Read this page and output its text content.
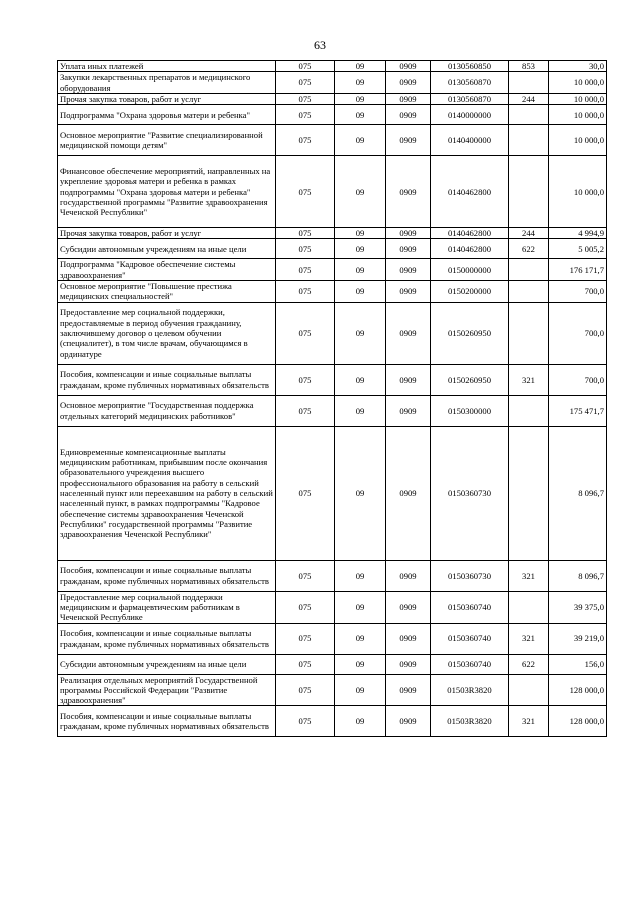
63
Уплата иных платежей	075	09	0909	0130560850	853	30,0
Закупки лекарственных препаратов и медицинского оборудования	075	09	0909	0130560870		10 000,0
Прочая закупка товаров, работ и услуг	075	09	0909	0130560870	244	10 000,0
Подпрограмма "Охрана здоровья матери и ребенка"	075	09	0909	0140000000		10 000,0
Основное мероприятие "Развитие специализированной медицинской помощи детям"	075	09	0909	0140400000		10 000,0
Финансовое обеспечение мероприятий, направленных на укрепление здоровья матери и ребенка в рамках подпрограммы "Охрана здоровья матери и ребенка" государственной программы "Развитие здравоохранения Чеченской Республики"	075	09	0909	0140462800		10 000,0
Прочая закупка товаров, работ и услуг	075	09	0909	0140462800	244	4 994,9
Субсидии автономным учреждениям на иные цели	075	09	0909	0140462800	622	5 005,2
Подпрограмма "Кадровое обеспечение системы здравоохранения"	075	09	0909	0150000000		176 171,7
Основное мероприятие "Повышение престижа медицинских специальностей"	075	09	0909	0150200000		700,0
Предоставление мер социальной поддержки, предоставляемые в период обучения гражданину, заключившему договор о целевом обучении (специалитет), в том числе врачам, обучающимся в ординатуре	075	09	0909	0150260950		700,0
Пособия, компенсации и иные социальные выплаты гражданам, кроме публичных нормативных обязательств	075	09	0909	0150260950	321	700,0
Основное мероприятие "Государственная поддержка отдельных категорий медицинских работников"	075	09	0909	0150300000		175 471,7
Единовременные компенсационные выплаты медицинским работникам, прибывшим после окончания образовательного учреждения высшего профессионального образования на работу в сельский населенный пункт или переехавшим на работу в сельский населенный пункт, в рамках подпрограммы "Кадровое обеспечение системы здравоохранения Чеченской Республики" государственной программы "Развитие здравоохранения Чеченской Республики"	075	09	0909	0150360730		8 096,7
Пособия, компенсации и иные социальные выплаты гражданам, кроме публичных нормативных обязательств	075	09	0909	0150360730	321	8 096,7
Предоставление мер социальной поддержки медицинским и фармацевтическим работникам в Чеченской Республике	075	09	0909	0150360740		39 375,0
Пособия, компенсации и иные социальные выплаты гражданам, кроме публичных нормативных обязательств	075	09	0909	0150360740	321	39 219,0
Субсидии автономным учреждениям на иные цели	075	09	0909	0150360740	622	156,0
Реализация отдельных мероприятий Государственной программы Российской Федерации "Развитие здравоохранения"	075	09	0909	01503R3820		128 000,0
Пособия, компенсации и иные социальные выплаты гражданам, кроме публичных нормативных обязательств	075	09	0909	01503R3820	321	128 000,0
